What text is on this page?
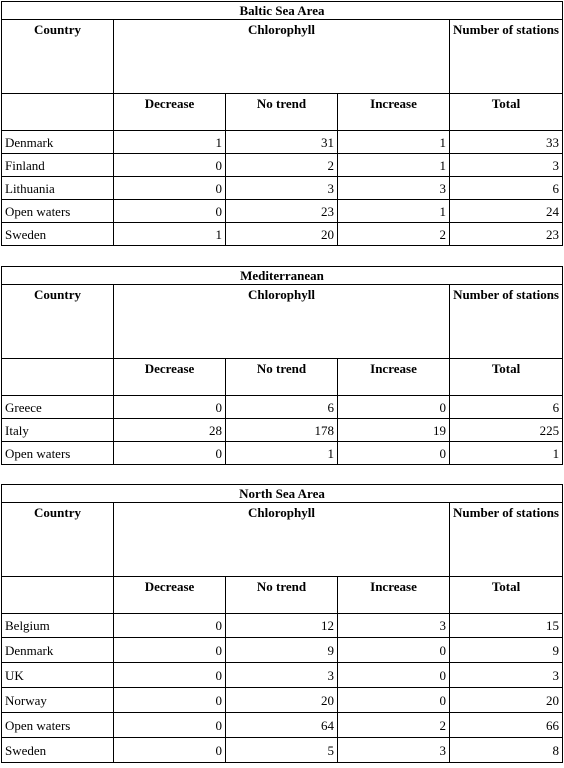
Baltic Sea Area				
Country	Chlorophyll			Number of stations
	Decrease	No trend	Increase	Total
Denmark	1	31	1	33
Finland	0	2	1	3
Lithuania	0	3	3	6
Open waters	0	23	1	24
Sweden	1	20	2	23
Mediterranean				
Country	Chlorophyll			Number of stations
	Decrease	No trend	Increase	Total
Greece	0	6	0	6
Italy	28	178	19	225
Open waters	0	1	0	1
North Sea Area				
Country	Chlorophyll			Number of stations
	Decrease	No trend	Increase	Total
Belgium	0	12	3	15
Denmark	0	9	0	9
UK	0	3	0	3
Norway	0	20	0	20
Open waters	0	64	2	66
Sweden	0	5	3	8
